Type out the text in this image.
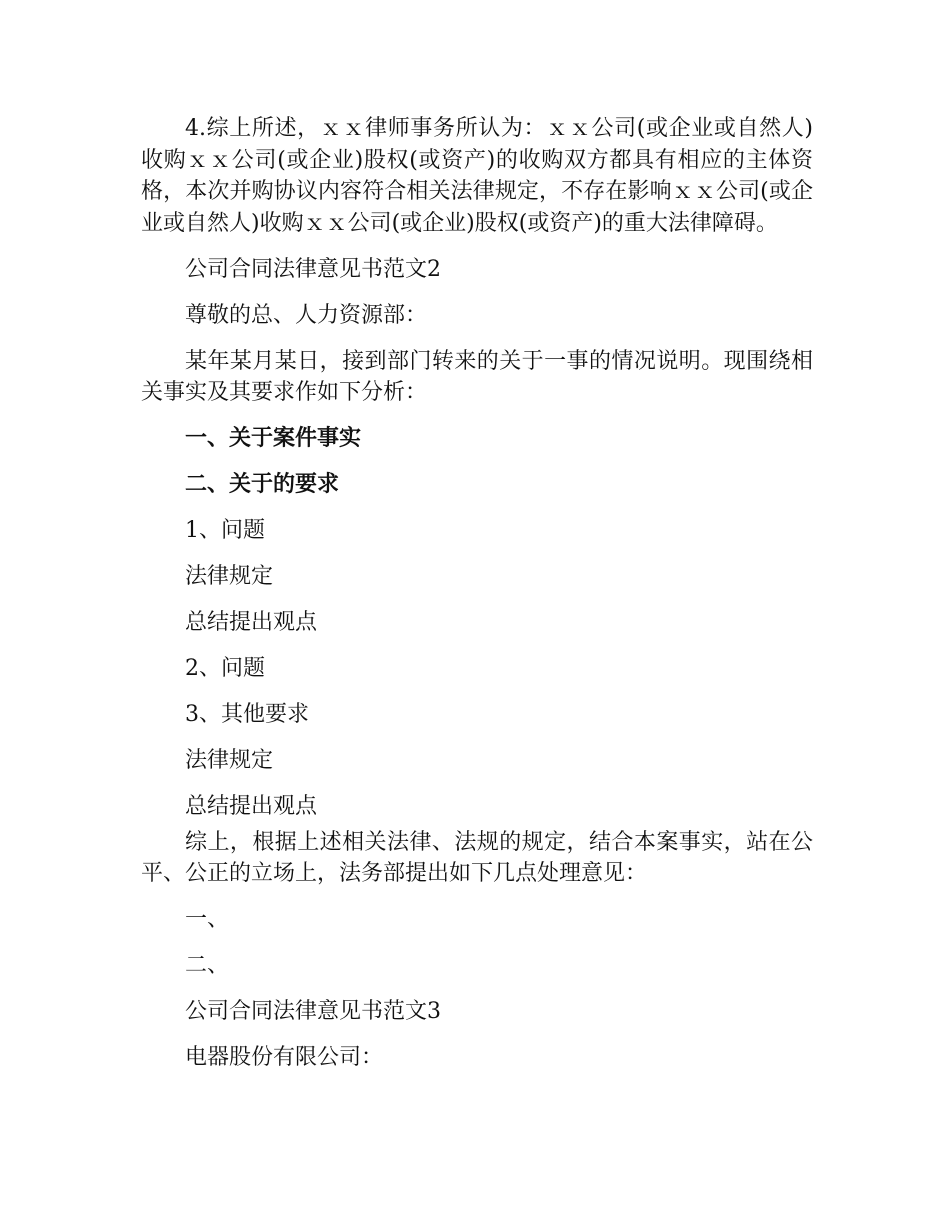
4.综上所述，ｘｘ律师事务所认为：ｘｘ公司(或企业或自然人)收购ｘｘ公司(或企业)股权(或资产)的收购双方都具有相应的主体资格，本次并购协议内容符合相关法律规定，不存在影响ｘｘ公司(或企业或自然人)收购ｘｘ公司(或企业)股权(或资产)的重大法律障碍。

公司合同法律意见书范文2

尊敬的总、人力资源部：

某年某月某日，接到部门转来的关于一事的情况说明。现围绕相关事实及其要求作如下分析：

一、关于案件事实

二、关于的要求

1、问题

法律规定

总结提出观点

2、问题

3、其他要求

法律规定

总结提出观点

综上，根据上述相关法律、法规的规定，结合本案事实，站在公平、公正的立场上，法务部提出如下几点处理意见：

一、

二、

公司合同法律意见书范文3

电器股份有限公司：
